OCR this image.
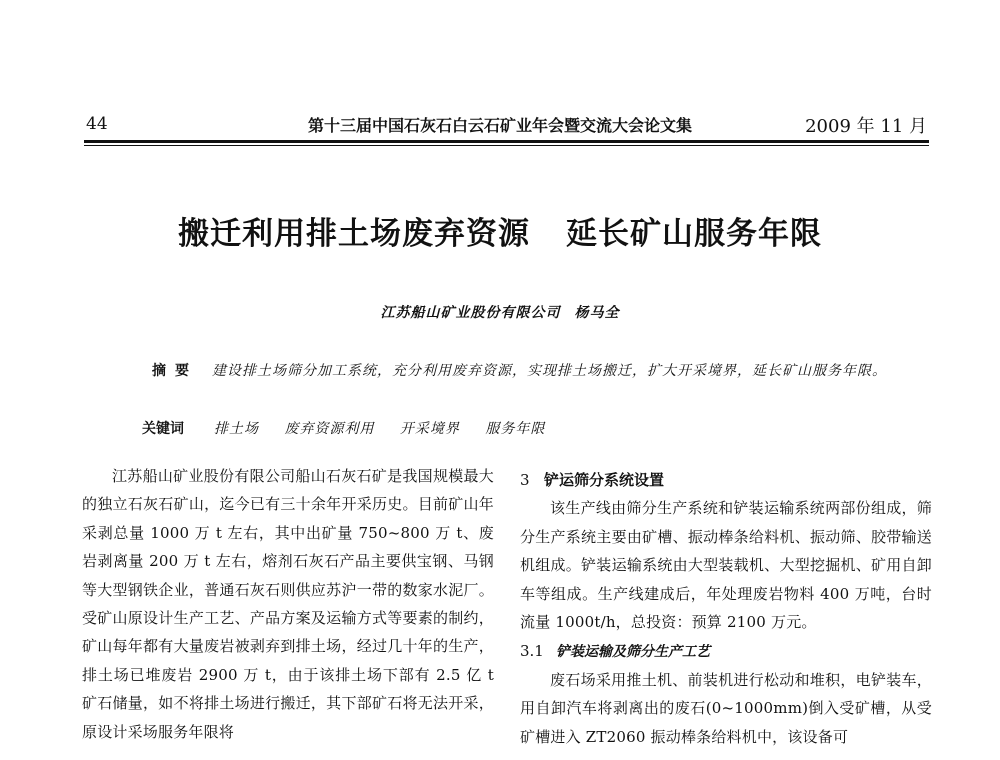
44	第十三届中国石灰石白云石矿业年会暨交流大会论文集	2009 年 11 月
搬迁利用排土场废弃资源 延长矿山服务年限
江苏船山矿业股份有限公司 杨马全
摘要 建设排土场筛分加工系统，充分利用废弃资源，实现排土场搬迁，扩大开采境界，延长矿山服务年限。
关键词 排土场 废弃资源利用 开采境界 服务年限

江苏船山矿业股份有限公司船山石灰石矿是我国规模最大的独立石灰石矿山，迄今已有三十余年开采历史。目前矿山年采剥总量 1000 万 t 左右，其中出矿量 750~800 万 t、废岩剥离量 200 万 t 左右，熔剂石灰石产品主要供宝钢、马钢等大型钢铁企业，普通石灰石则供应苏沪一带的数家水泥厂。受矿山原设计生产工艺、产品方案及运输方式等要素的制约，矿山每年都有大量废岩被剥弃到排土场，经过几十年的生产，排土场已堆废岩 2900 万 t，由于该排土场下部有 2.5 亿 t 矿石储量，如不将排土场进行搬迁，其下部矿石将无法开采，原设计采场服务年限将

3 铲运筛分系统设置

该生产线由筛分生产系统和铲装运输系统两部份组成，筛分生产系统主要由矿槽、振动棒条给料机、振动筛、胶带输送机组成。铲装运输系统由大型装载机、大型挖掘机、矿用自卸车等组成。生产线建成后，年处理废岩物料 400 万吨，台时流量 1000t/h，总投资：预算 2100 万元。

3.1 铲装运输及筛分生产工艺

废石场采用推土机、前装机进行松动和堆积，电铲装车，用自卸汽车将剥离出的废石(0~1000mm)倒入受矿槽，从受矿槽进入 ZT2060 振动棒条给料机中，该设备可
